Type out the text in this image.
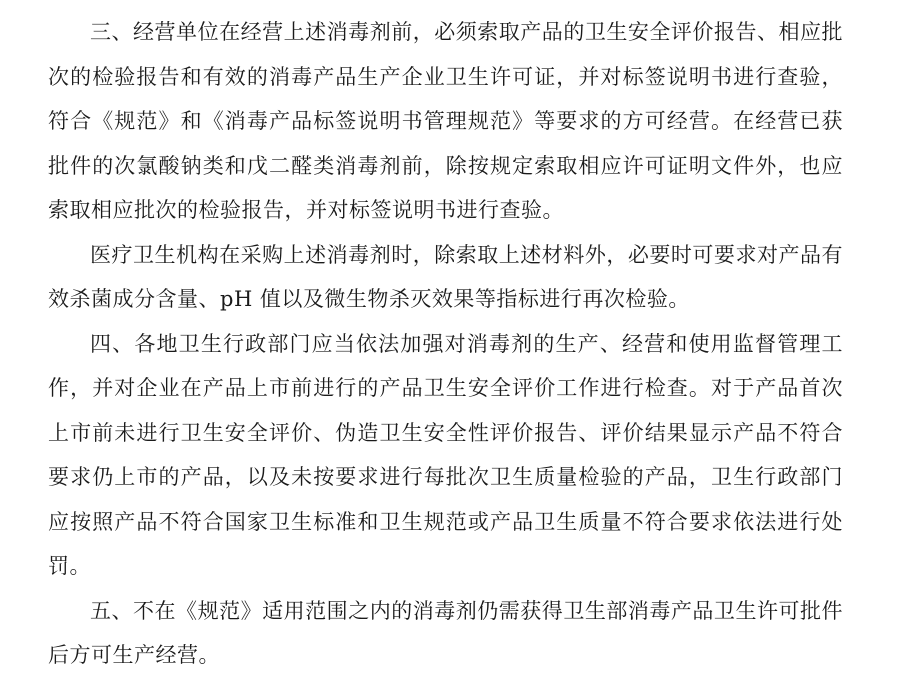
三、经营单位在经营上述消毒剂前，必须索取产品的卫生安全评价报告、相应批次的检验报告和有效的消毒产品生产企业卫生许可证，并对标签说明书进行查验，符合《规范》和《消毒产品标签说明书管理规范》等要求的方可经营。在经营已获批件的次氯酸钠类和戊二醛类消毒剂前，除按规定索取相应许可证明文件外，也应索取相应批次的检验报告，并对标签说明书进行查验。

医疗卫生机构在采购上述消毒剂时，除索取上述材料外，必要时可要求对产品有效杀菌成分含量、pH 值以及微生物杀灭效果等指标进行再次检验。

四、各地卫生行政部门应当依法加强对消毒剂的生产、经营和使用监督管理工作，并对企业在产品上市前进行的产品卫生安全评价工作进行检查。对于产品首次上市前未进行卫生安全评价、伪造卫生安全性评价报告、评价结果显示产品不符合要求仍上市的产品，以及未按要求进行每批次卫生质量检验的产品，卫生行政部门应按照产品不符合国家卫生标准和卫生规范或产品卫生质量不符合要求依法进行处罚。

五、不在《规范》适用范围之内的消毒剂仍需获得卫生部消毒产品卫生许可批件后方可生产经营。
